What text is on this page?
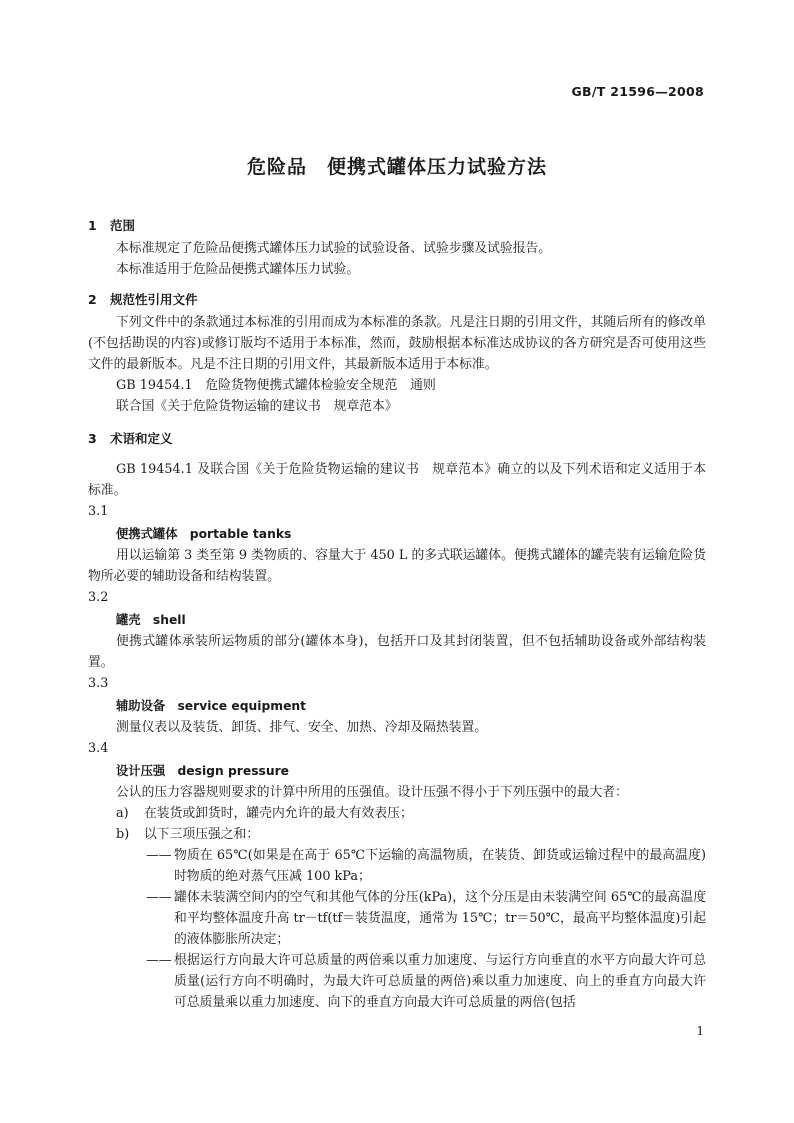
GB/T 21596—2008
危险品　便携式罐体压力试验方法
1 范围
本标准规定了危险品便携式罐体压力试验的试验设备、试验步骤及试验报告。
本标准适用于危险品便携式罐体压力试验。
2 规范性引用文件
下列文件中的条款通过本标准的引用而成为本标准的条款。凡是注日期的引用文件，其随后所有的修改单(不包括勘误的内容)或修订版均不适用于本标准，然而，鼓励根据本标准达成协议的各方研究是否可使用这些文件的最新版本。凡是不注日期的引用文件，其最新版本适用于本标准。
GB 19454.1　危险货物便携式罐体检验安全规范　通则
联合国《关于危险货物运输的建议书　规章范本》
3 术语和定义
GB 19454.1 及联合国《关于危险货物运输的建议书　规章范本》确立的以及下列术语和定义适用于本标准。
3.1
便携式罐体　portable tanks
用以运输第 3 类至第 9 类物质的、容量大于 450 L 的多式联运罐体。便携式罐体的罐壳装有运输危险货物所必要的辅助设备和结构装置。
3.2
罐壳　shell
便携式罐体承装所运物质的部分(罐体本身)，包括开口及其封闭装置，但不包括辅助设备或外部结构装置。
3.3
辅助设备　service equipment
测量仪表以及装货、卸货、排气、安全、加热、冷却及隔热装置。
3.4
设计压强　design pressure
公认的压力容器规则要求的计算中所用的压强值。设计压强不得小于下列压强中的最大者：
a) 在装货或卸货时，罐壳内允许的最大有效表压；
b) 以下三项压强之和：
—— 物质在 65℃(如果是在高于 65℃下运输的高温物质，在装货、卸货或运输过程中的最高温度)时物质的绝对蒸气压减 100 kPa；
—— 罐体未装满空间内的空气和其他气体的分压(kPa)，这个分压是由未装满空间 65℃的最高温度和平均整体温度升高 tr－tf(tf＝装货温度，通常为 15℃；tr＝50℃，最高平均整体温度)引起的液体膨胀所决定；
—— 根据运行方向最大许可总质量的两倍乘以重力加速度、与运行方向垂直的水平方向最大许可总质量(运行方向不明确时，为最大许可总质量的两倍)乘以重力加速度、向上的垂直方向最大许可总质量乘以重力加速度、向下的垂直方向最大许可总质量的两倍(包括
1
